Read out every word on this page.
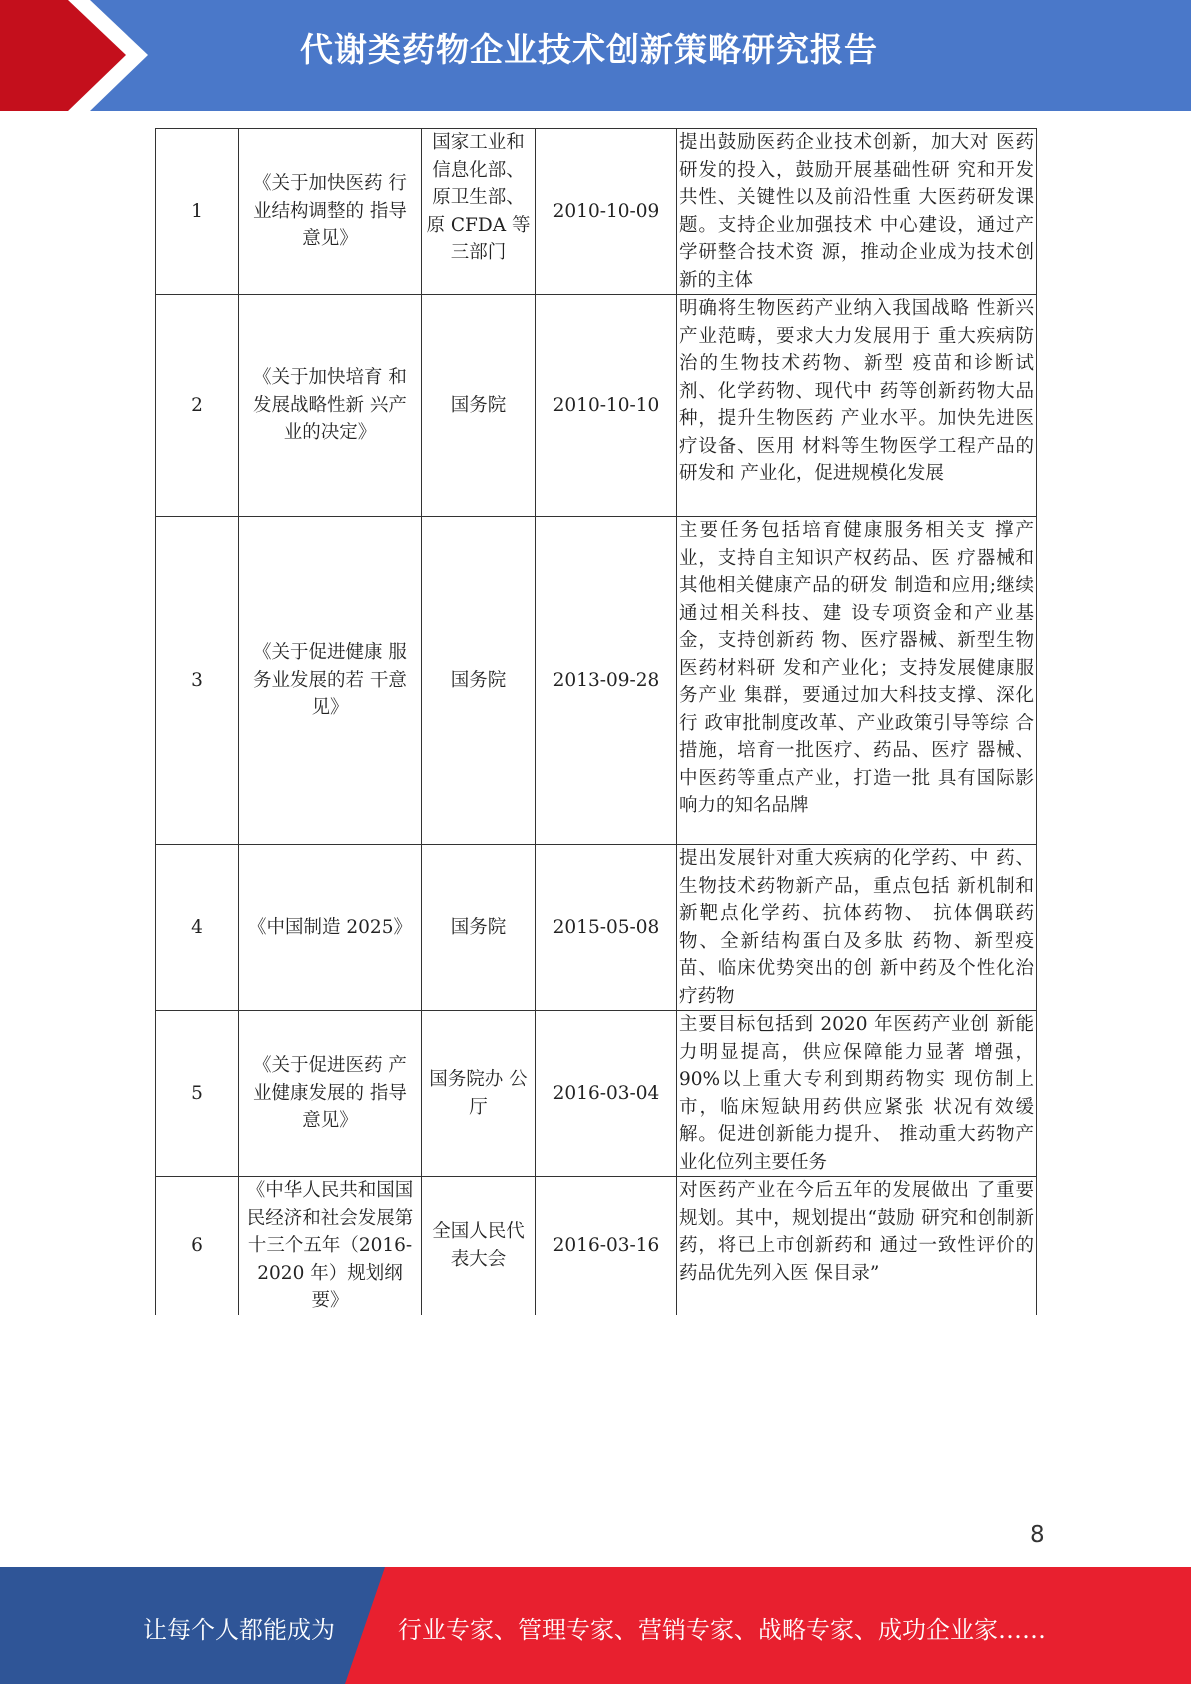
代谢类药物企业技术创新策略研究报告
1	《关于加快医药 行业结构调整的 指导意见》	国家工业和信息化部、原卫生部、原 CFDA 等三部门	2010-10-09	提出鼓励医药企业技术创新，加大对 医药研发的投入，鼓励开展基础性研 究和开发共性、关键性以及前沿性重 大医药研发课题。支持企业加强技术 中心建设，通过产学研整合技术资 源，推动企业成为技术创新的主体
2	《关于加快培育 和发展战略性新 兴产业的决定》	国务院	2010-10-10	明确将生物医药产业纳入我国战略 性新兴产业范畴，要求大力发展用于 重大疾病防治的生物技术药物、新型 疫苗和诊断试剂、化学药物、现代中 药等创新药物大品种，提升生物医药 产业水平。加快先进医疗设备、医用 材料等生物医学工程产品的研发和 产业化，促进规模化发展
3	《关于促进健康 服务业发展的若 干意见》	国务院	2013-09-28	主要任务包括培育健康服务相关支 撑产业，支持自主知识产权药品、医 疗器械和其他相关健康产品的研发 制造和应用;继续通过相关科技、建 设专项资金和产业基金，支持创新药 物、医疗器械、新型生物医药材料研 发和产业化；支持发展健康服务产业 集群，要通过加大科技支撑、深化行 政审批制度改革、产业政策引导等综 合措施，培育一批医疗、药品、医疗 器械、中医药等重点产业，打造一批 具有国际影响力的知名品牌
4	《中国制造 2025》	国务院	2015-05-08	提出发展针对重大疾病的化学药、中 药、生物技术药物新产品，重点包括 新机制和新靶点化学药、抗体药物、 抗体偶联药物、全新结构蛋白及多肽 药物、新型疫苗、临床优势突出的创 新中药及个性化治疗药物
5	《关于促进医药 产业健康发展的 指导意见》	国务院办 公厅	2016-03-04	主要目标包括到 2020 年医药产业创 新能力明显提高，供应保障能力显著 增强，90%以上重大专利到期药物实 现仿制上市，临床短缺用药供应紧张 状况有效缓解。促进创新能力提升、 推动重大药物产业化位列主要任务
6	《中华人民共和国国民经济和社会发展第十三个五年（2016-2020 年）规划纲要》	全国人民代表大会	2016-03-16	对医药产业在今后五年的发展做出 了重要规划。其中，规划提出“鼓励 研究和创制新药，将已上市创新药和 通过一致性评价的药品优先列入医 保目录”
8
让每个人都能成为	行业专家、管理专家、营销专家、战略专家、成功企业家……
